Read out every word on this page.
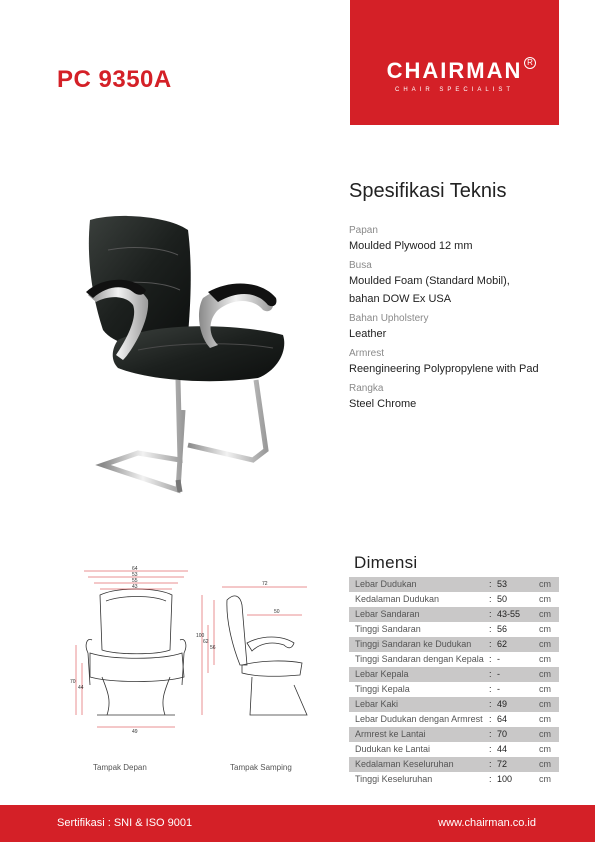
PC 9350A	CHAIRMAN
CHAIR SPECIALIST
R
Spesifikasi Teknis
Papan
Moulded Plywood 12 mm
Busa
Moulded Foam (Standard Mobil),
bahan DOW Ex USA
Bahan Upholstery
Leather
Armrest
Reengineering Polypropylene with Pad
Rangka
Steel Chrome
Dimensi
Lebar Dudukan	: 53	cm
Kedalaman Dudukan	: 50	cm
Lebar Sandaran	: 43-55 cm
Tinggi Sandaran	: 56	cm
Tinggi Sandaran ke Dudukan : 62	cm
Tinggi Sandaran dengan Kepala : -	cm
Lebar Kepala	: -	cm
Tinggi Kepala	: -	cm
Lebar Kaki	: 49	cm
Lebar Dudukan dengan Armrest : 64	cm
Armrest ke Lantai	: 70	cm
Dudukan ke Lantai	: 44	cm
Kedalaman Keseluruhan	: 72	cm
Tinggi Keseluruhan	: 100	cm
64
53
55
43
70
44
49
72
50
100
62
56
Tampak Depan	Tampak Samping
Sertifikasi : SNI & ISO 9001	www.chairman.co.id
